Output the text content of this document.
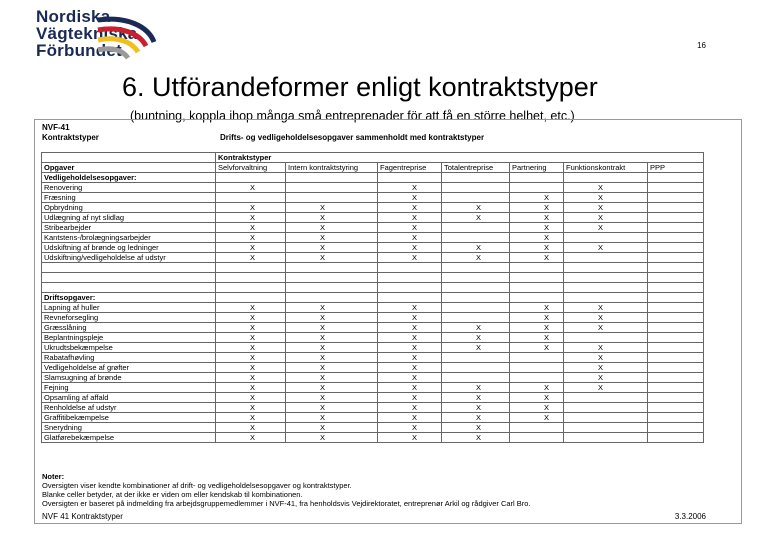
Nordiska
Vägtekniska
Förbundet	16
6. Utförandeformer enligt kontraktstyper
(buntning, koppla ihop många små entreprenader för att få en större helhet, etc.)
NVF-41
Kontraktstyper	Drifts- og vedligeholdelsesopgaver sammenholdt med kontraktstyper
	Kontraktstyper						
Opgaver	Selvforvaltning	Intern kontraktstyring	Fagentreprise	Totalentreprise	Partnering	Funktionskontrakt	PPP
Vedligeholdelsesopgaver:							
Renovering	X		X			X	
Fræsning			X		X	X	
Opbrydning	X	X	X	X	X	X	
Udlægning af nyt slidlag	X	X	X	X	X	X	
Stribearbejder	X	X	X		X	X	
Kantstens-/brolægningsarbejder	X	X	X		X		
Udskiftning af brønde og ledninger	X	X	X	X	X	X	
Udskiftning/vedligeholdelse af udstyr	X	X	X	X	X		

Driftsopgaver:							
Lapning af huller	X	X	X		X	X	
Revneforsegling	X	X	X		X	X	
Græsslåning	X	X	X	X	X	X	
Beplantningspleje	X	X	X	X	X		
Ukrudtsbekæmpelse	X	X	X	X	X	X	
Rabatafhøvling	X	X	X			X	
Vedligeholdelse af grøfter	X	X	X			X	
Slamsugning af brønde	X	X	X			X	
Fejning	X	X	X	X	X	X	
Opsamling af affald	X	X	X	X	X		
Renholdelse af udstyr	X	X	X	X	X		
Graffitibekæmpelse	X	X	X	X	X		
Snerydning	X	X	X	X			
Glatførebekæmpelse	X	X	X	X			
Noter:
Oversigten viser kendte kombinationer af drift- og vedligeholdelsesopgaver og kontraktstyper.
Blanke celler betyder, at der ikke er viden om eller kendskab til kombinationen.
Oversigten er baseret på indmelding fra arbejdsgruppemedlemmer i NVF-41, fra henholdsvis Vejdirektoratet, entreprenør Arkil og rådgiver Carl Bro.
NVF 41 Kontraktstyper	3.3.2006
